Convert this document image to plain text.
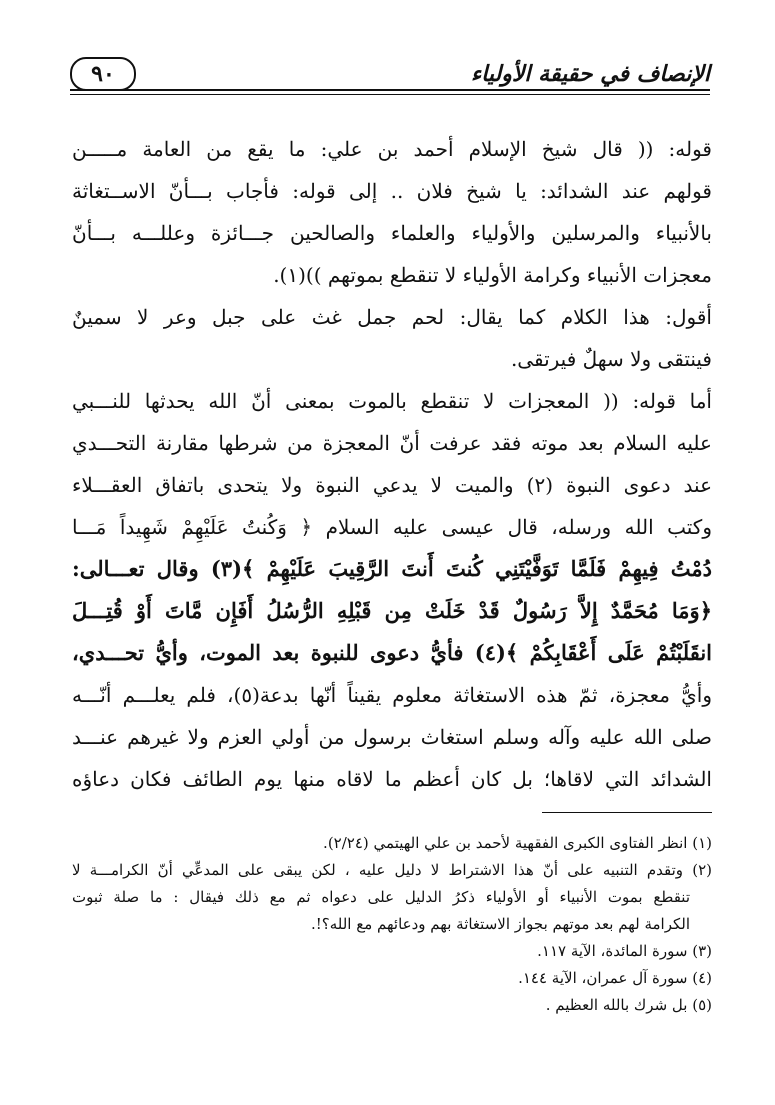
الإنصاف في حقيقة الأولياء
٩٠
قوله: (( قال شيخ الإسلام أحمد بن علي: ما يقع من العامة مـــــن
قولهم عند الشدائد: يا شيخ فلان .. إلى قوله: فأجاب بـــأنّ الاســتغاثة
بالأنبياء والمرسلين والأولياء والعلماء والصالحين جـــائزة وعللـــه بـــأنّ
معجزات الأنبياء وكرامة الأولياء لا تنقطع بموتهم ))(١).
أقول: هذا الكلام كما يقال: لحم جمل غث على جبل وعر لا سمينٌ
فينتقى ولا سهلٌ فيرتقى.
أما قوله: (( المعجزات لا تنقطع بالموت بمعنى أنّ الله يحدثها للنـــبي
عليه السلام بعد موته فقد عرفت أنّ المعجزة من شرطها مقارنة التحـــدي
عند دعوى النبوة (٢) والميت لا يدعي النبوة ولا يتحدى باتفاق العقـــلاء
وكتب الله ورسله، قال عيسى عليه السلام ﴿ وَكُنتُ عَلَيْهِمْ شَهِيداً مَـــا
دُمْتُ فِيهِمْ فَلَمَّا تَوَفَّيْتَنِي كُنتَ أَنتَ الرَّقِيبَ عَلَيْهِمْ ﴾(٣) وقال تعـــالى:
﴿وَمَا مُحَمَّدٌ إِلاَّ رَسُولٌ قَدْ خَلَتْ مِن قَبْلِهِ الرُّسُلُ أَفَإِن مَّاتَ أَوْ قُتِـــلَ
انقَلَبْتُمْ عَلَى أَعْقَابِكُمْ ﴾(٤) فأيُّ دعوى للنبوة بعد الموت، وأيُّ تحـــدي،
وأيُّ معجزة، ثمّ هذه الاستغاثة معلوم يقيناً أنّها بدعة(٥)، فلم يعلـــم أنّـــه
صلى الله عليه وآله وسلم استغاث برسول من أولي العزم ولا غيرهم عنـــد
الشدائد التي لاقاها؛ بل كان أعظم ما لاقاه منها يوم الطائف فكان دعاؤه
(١) انظر الفتاوى الكبرى الفقهية لأحمد بن علي الهيتمي (٢/٢٤).
(٢) وتقدم التنبيه على أنّ هذا الاشتراط لا دليل عليه ، لكن يبقى على المدعِّي أنّ الكرامـــة لا
تنقطع بموت الأنبياء أو الأولياء ذكرُ الدليل على دعواه ثم مع ذلك فيقال : ما صلة ثبوت
الكرامة لهم بعد موتهم بجواز الاستغاثة بهم ودعائهم مع الله؟!.
(٣) سورة المائدة، الآية ١١٧.
(٤) سورة آل عمران، الآية ١٤٤.
(٥) بل شرك بالله العظيم .
